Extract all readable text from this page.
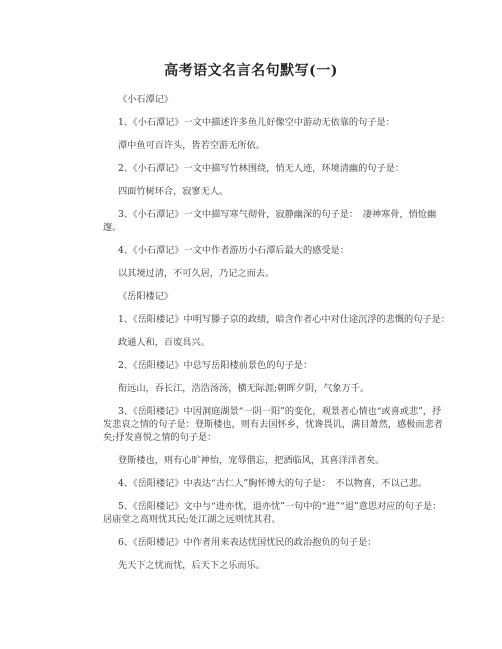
高考语文名言名句默写(一)
《小石潭记》
1、《小石潭记》一文中描述许多鱼儿好像空中游动无依靠的句子是：
潭中鱼可百许头，皆若空游无所依。
2、《小石潭记》一文中描写竹林围绕，悄无人迹，环境清幽的句子是：
四面竹树环合，寂寥无人。
3、《小石潭记》一文中描写寒气彻骨，寂静幽深的句子是：　凄神寒骨，悄怆幽邃。
4、《小石潭记》一文中作者游历小石潭后最大的感受是：
以其境过清，不可久居，乃记之而去。
《岳阳楼记》
1、《岳阳楼记》中明写滕子京的政绩，暗含作者心中对仕途沉浮的悲慨的句子是：
政通人和，百废具兴。
2、《岳阳楼记》中总写岳阳楼前景色的句子是：
衔远山，吞长江，浩浩汤汤，横无际涯;朝晖夕阴，气象万千。
3、《岳阳楼记》中因洞庭湖景“一阴一阳”的变化，观景者心情也“或喜或悲”，抒发悲哀之情的句子是：登斯楼也，则有去国怀乡，忧谗畏讥，满目萧然，感极而悲者矣;抒发喜悦之情的句子是：
登斯楼也，则有心旷神怡，宠辱偕忘，把酒临风，其喜洋洋者矣。
4、《岳阳楼记》中表达“古仁人”胸怀博大的句子是：　不以物喜，不以己悲。
5、《岳阳楼记》文中与“进亦忧，退亦忧”一句中的“进”“退”意思对应的句子是：　居庙堂之高则忧其民;处江湖之远则忧其君。
6、《岳阳楼记》中作者用来表达忧国忧民的政治抱负的句子是：
先天下之忧而忧，后天下之乐而乐。
